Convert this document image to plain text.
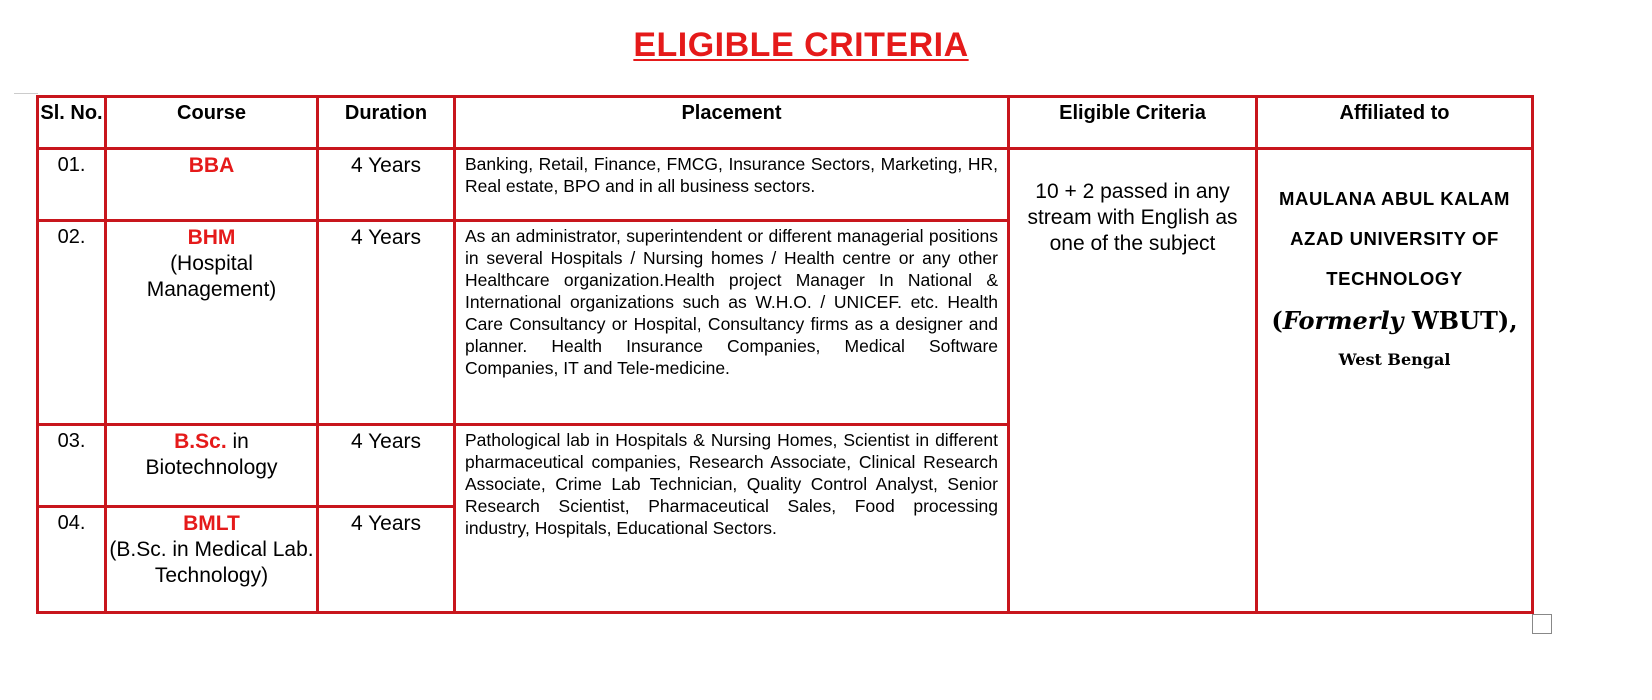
ELIGIBLE CRITERIA
Sl. No.	Course	Duration	Placement	Eligible Criteria	Affiliated to
01.	BBA	4 Years	Banking, Retail, Finance, FMCG, Insurance Sectors, Marketing, HR, Real estate, BPO and in all business sectors.	10 + 2 passed in any stream with English as one of the subject	MAULANA ABUL KALAM
AZAD UNIVERSITY OF
TECHNOLOGY
(Formerly WBUT),
West Bengal

02.	BHM
(Hospital Management)	4 Years	As an administrator, superintendent or different managerial positions in several Hospitals / Nursing homes / Health centre or any other Healthcare organization.Health project Manager In National & International organizations such as W.H.O. / UNICEF. etc. Health Care Consultancy or Hospital, Consultancy firms as a designer and planner. Health Insurance Companies, Medical Software Companies, IT and Tele-medicine.		
03.	B.Sc. in
Biotechnology	4 Years	Pathological lab in Hospitals & Nursing Homes, Scientist in different pharmaceutical companies, Research Associate, Clinical Research Associate, Crime Lab Technician, Quality Control Analyst, Senior Research Scientist, Pharmaceutical Sales, Food processing industry, Hospitals, Educational Sectors.		
04.	BMLT
(B.Sc. in Medical Lab. Technology)	4 Years			
